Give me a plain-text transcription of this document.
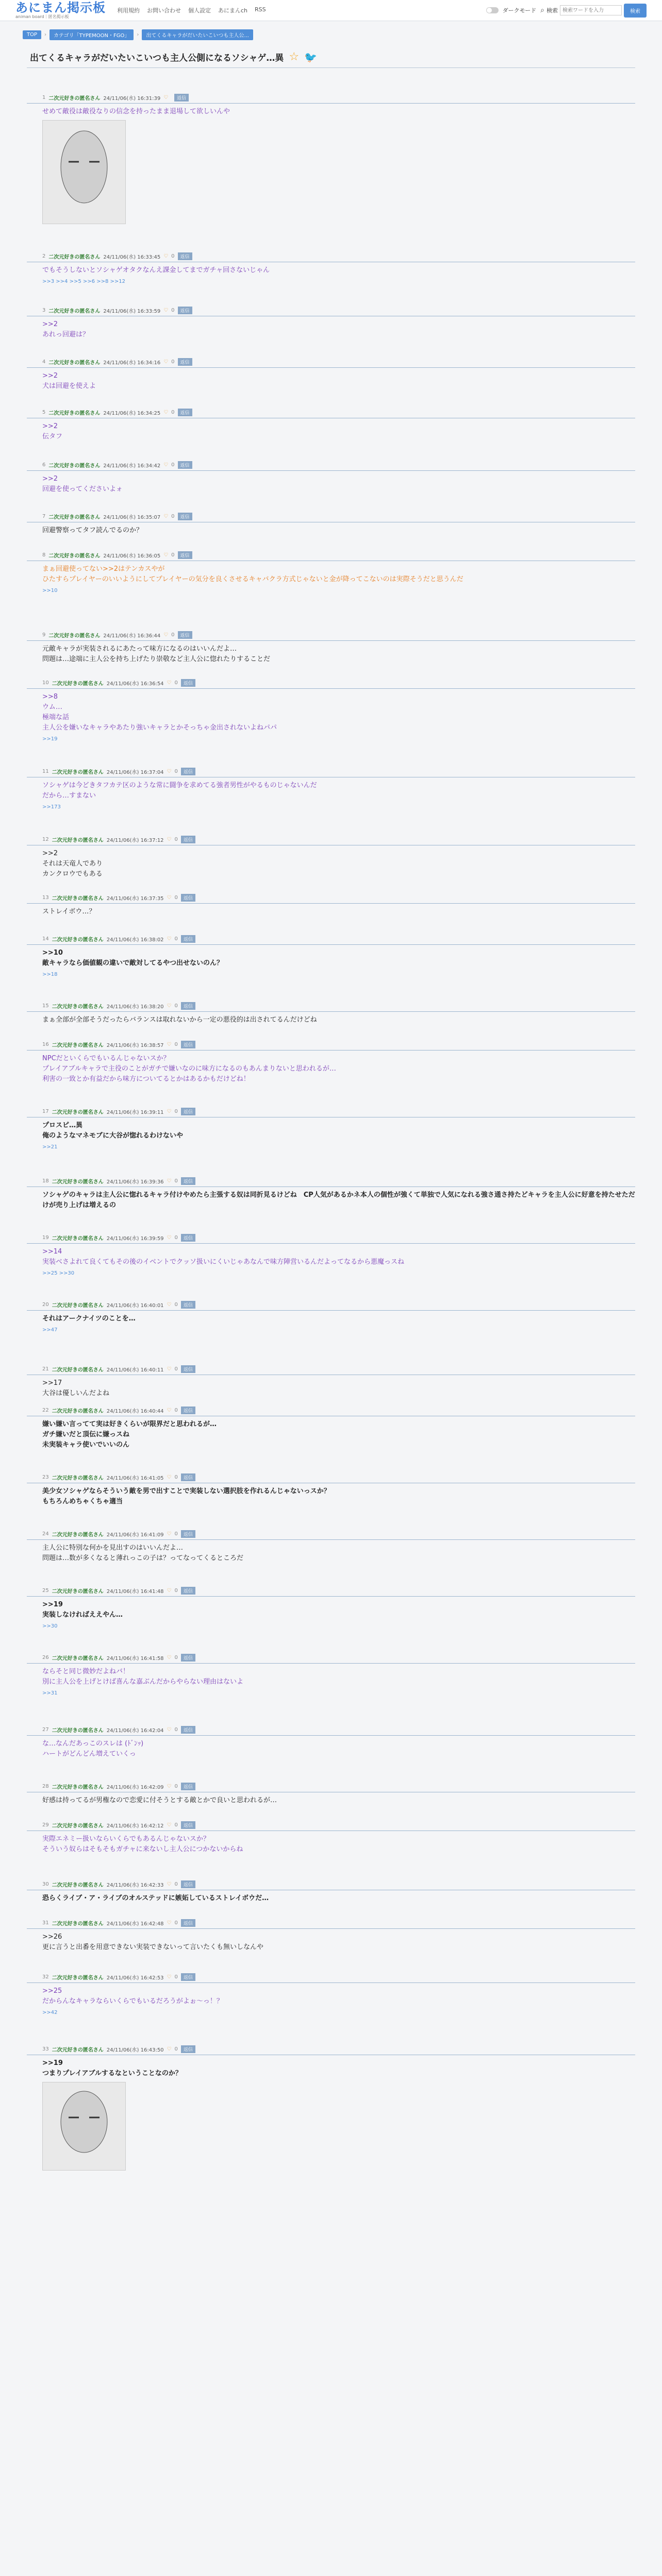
あにまん掲示板
animan board｜匿名掲示板
利用規約 お問い合わせ 個人設定 あにまんch RSS	ダークモード ⌕ 検索
検索ワードを入力	検索
TOP	›	カテゴリ「TYPEMOON・FGO」	›	出てくるキャラがだいたいこいつも主人公...
出てくるキャラがだいたいこいつも主人公側になるソシャゲ…異 ☆ 🐦
1 二次元好きの匿名さん 24/11/06(水) 16:31:39 ♡	返信
せめて敵役は敵役なりの信念を持ったまま退場して欲しいんや
2 二次元好きの匿名さん 24/11/06(水) 16:33:45 ♡ 0	返信
でもそうしないとソシャゲオタクなんえ課金してまでガチャ回さないじゃん
>>3 >>4 >>5 >>6 >>8 >>12
3 二次元好きの匿名さん 24/11/06(水) 16:33:59 ♡ 0	返信
>>2
あれっ回避は？
4 二次元好きの匿名さん 24/11/06(水) 16:34:16 ♡ 0	返信
>>2
犬は回避を使えよ
5 二次元好きの匿名さん 24/11/06(水) 16:34:25 ♡ 0	返信
>>2
伝タフ
6 二次元好きの匿名さん 24/11/06(水) 16:34:42 ♡ 0	返信
>>2
回避を使ってくださいよォ
7 二次元好きの匿名さん 24/11/06(水) 16:35:07 ♡ 0	返信
回避警察ってタフ読んでるのか？
8 二次元好きの匿名さん 24/11/06(水) 16:36:05 ♡ 0	返信
まぁ回避使ってない>>2はテンカスやが
ひたすらプレイヤーのいいようにしてプレイヤーの気分を良くさせるキャバクラ方式じゃないと金が降ってこないのは実際そうだと思うんだ
>>10
9 二次元好きの匿名さん 24/11/06(水) 16:36:44 ♡ 0	返信
元敵キャラが実装されるにあたって味方になるのはいいんだよ…
問題は…途端に主人公を持ち上げたり崇敬など主人公に惚れたりすることだ
10 二次元好きの匿名さん 24/11/06(水) 16:36:54 ♡ 0	返信
>>8
ウム…
極端な話
主人公を嫌いなキャラやあたり強いキャラとかそっちゃ金出されないよねパパ
>>19
11 二次元好きの匿名さん 24/11/06(水) 16:37:04 ♡ 0	返信
ソシャゲは今どきタフカテ区のような常に闘争を求めてる強者男性がやるものじゃないんだ
だから…すまない
>>173
12 二次元好きの匿名さん 24/11/06(水) 16:37:12 ♡ 0	返信
>>2
それは天竜人であり
カンクロウでもある
13 二次元好きの匿名さん 24/11/06(水) 16:37:35 ♡ 0	返信
ストレイボウ…？
14 二次元好きの匿名さん 24/11/06(水) 16:38:02 ♡ 0	返信
>>10
敵キャラなら価値観の違いで敵対してるやつ出せないのん？
>>18
15 二次元好きの匿名さん 24/11/06(水) 16:38:20 ♡ 0	返信
まぁ全部が全部そうだったらバランスは取れないから一定の悪役的は出されてるんだけどね
16 二次元好きの匿名さん 24/11/06(水) 16:38:57 ♡ 0	返信
NPCだといくらでもいるんじゃないスか？
プレイアブルキャラで主役のことがガチで嫌いなのに味方になるのもあんまりないと思われるが…
利害の一致とか有益だから味方についてるとかはあるかもだけどね！
17 二次元好きの匿名さん 24/11/06(水) 16:39:11 ♡ 0	返信
プロスピ…異
俺のようなマネモブに大谷が惚れるわけないや
>>21
18 二次元好きの匿名さん 24/11/06(水) 16:39:36 ♡ 0	返信
ソシャゲのキャラは主人公に惚れるキャラ付けやめたら主張する奴は同折見るけどね　CP人気があるかネ本人の個性が強くて単独で人気になれる強さ通さ持たどキャラを主人公に好意を持たせただけが売り上げは増えるの
19 二次元好きの匿名さん 24/11/06(水) 16:39:59 ♡ 0	返信
>>14
実装ベさよれて良くてもその後のイベントでクッソ扱いにくいじゃあなんで味方陣営いるんだよってなるから悪魔っスね
>>25 >>30
20 二次元好きの匿名さん 24/11/06(水) 16:40:01 ♡ 0	返信
それはアークナイツのことを…
>>47
21 二次元好きの匿名さん 24/11/06(水) 16:40:11 ♡ 0	返信
>>17
大谷は優しいんだよね
22 二次元好きの匿名さん 24/11/06(水) 16:40:44 ♡ 0	返信
嫌い嫌い言ってて実は好きくらいが限界だと思われるが…
ガチ嫌いだと頂伝に嫌っスね
未実装キャラ使いでいいのん
23 二次元好きの匿名さん 24/11/06(水) 16:41:05 ♡ 0	返信
美少女ソシャゲならそういう敵を男で出すことで実装しない選択肢を作れるんじゃないっスか？
もちろんめちゃくちゃ適当
24 二次元好きの匿名さん 24/11/06(水) 16:41:09 ♡ 0	返信
主人公に特別な何かを見出すのはいいんだよ…
問題は…数が多くなると薄れっこの子は？ってなってくるところだ
25 二次元好きの匿名さん 24/11/06(水) 16:41:48 ♡ 0	返信
>>19
実装しなければええやん…
>>30
26 二次元好きの匿名さん 24/11/06(水) 16:41:58 ♡ 0	返信
ならそと同じ微妙だよねバ！
別に主人公を上げとけば喜んな嘉ぶんだからやらない理由はないよ
>>31
27 二次元好きの匿名さん 24/11/06(水) 16:42:04 ♡ 0	返信
な…なんだあっこのスレは (ﾄﾞﾝｯ)
ハートがどんどん増えていくっ
28 二次元好きの匿名さん 24/11/06(水) 16:42:09 ♡ 0	返信
好感は持ってるが男権なので恋愛に付そうとする敵とかで良いと思われるが…
29 二次元好きの匿名さん 24/11/06(水) 16:42:12 ♡ 0	返信
実際エネミー扱いならいくらでもあるんじゃないスか？
そういう奴らはそもそもガチャに来ないし主人公につかないからね
30 二次元好きの匿名さん 24/11/06(水) 16:42:33 ♡ 0	返信
恐らくライブ・ア・ライブのオルステッドに嫉妬しているストレイボウだ…
31 二次元好きの匿名さん 24/11/06(水) 16:42:48 ♡ 0	返信
>>26
更に言うと出番を用意できない実装できないって言いたくも無いしなんや
32 二次元好きの匿名さん 24/11/06(水) 16:42:53 ♡ 0	返信
>>25
だからんなキャラならいくらでもいるだろうがよぉ～っ！？
>>42
33 二次元好きの匿名さん 24/11/06(水) 16:43:50 ♡ 0	返信
>>19
つまりプレイアブルするなということなのか？
